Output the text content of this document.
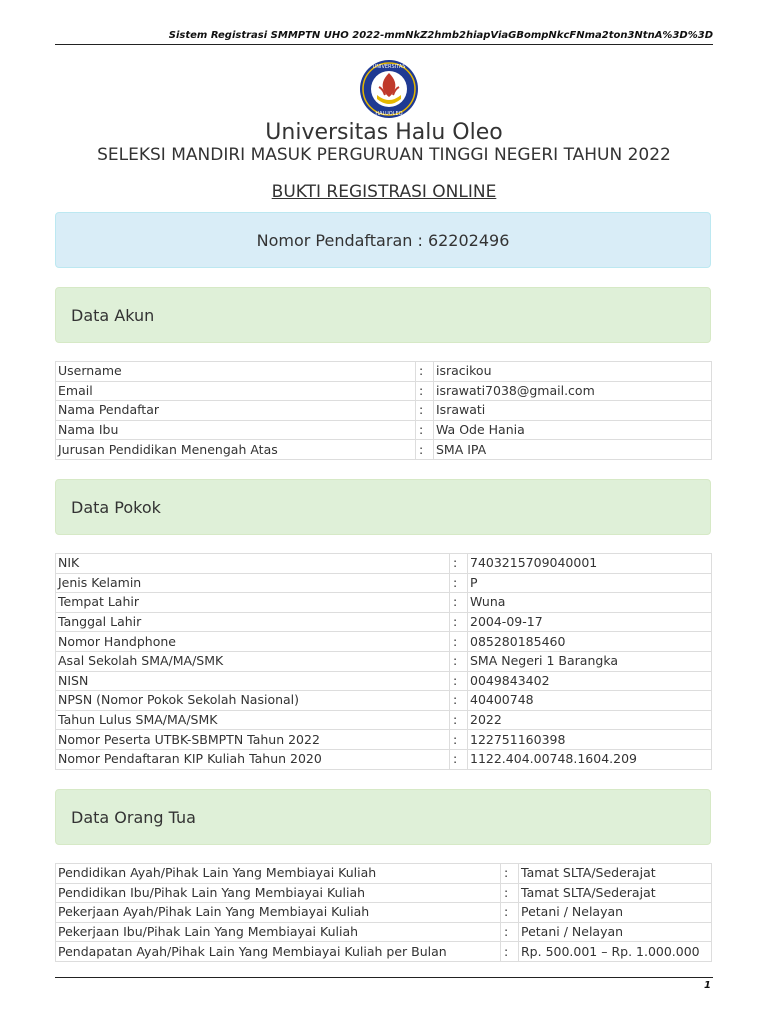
Sistem Registrasi SMMPTN UHO 2022-mmNkZ2hmb2hiapViaGBompNkcFNma2ton3NtnA%3D%3D
UNIVERSITAS
HALUOLEO
Universitas Halu Oleo
SELEKSI MANDIRI MASUK PERGURUAN TINGGI NEGERI TAHUN 2022
BUKTI REGISTRASI ONLINE
Nomor Pendaftaran : 62202496
Data Akun
Username	:	isracikou
Email	:	israwati7038@gmail.com
Nama Pendaftar	:	Israwati
Nama Ibu	:	Wa Ode Hania
Jurusan Pendidikan Menengah Atas	:	SMA IPA
Data Pokok
NIK	:	7403215709040001
Jenis Kelamin	:	P
Tempat Lahir	:	Wuna
Tanggal Lahir	:	2004-09-17
Nomor Handphone	:	085280185460
Asal Sekolah SMA/MA/SMK	:	SMA Negeri 1 Barangka
NISN	:	0049843402
NPSN (Nomor Pokok Sekolah Nasional)	:	40400748
Tahun Lulus SMA/MA/SMK	:	2022
Nomor Peserta UTBK-SBMPTN Tahun 2022	:	122751160398
Nomor Pendaftaran KIP Kuliah Tahun 2020	:	1122.404.00748.1604.209
Data Orang Tua
Pendidikan Ayah/Pihak Lain Yang Membiayai Kuliah	:	Tamat SLTA/Sederajat
Pendidikan Ibu/Pihak Lain Yang Membiayai Kuliah	:	Tamat SLTA/Sederajat
Pekerjaan Ayah/Pihak Lain Yang Membiayai Kuliah	:	Petani / Nelayan
Pekerjaan Ibu/Pihak Lain Yang Membiayai Kuliah	:	Petani / Nelayan
Pendapatan Ayah/Pihak Lain Yang Membiayai Kuliah per Bulan	:	Rp. 500.001 – Rp. 1.000.000
1
